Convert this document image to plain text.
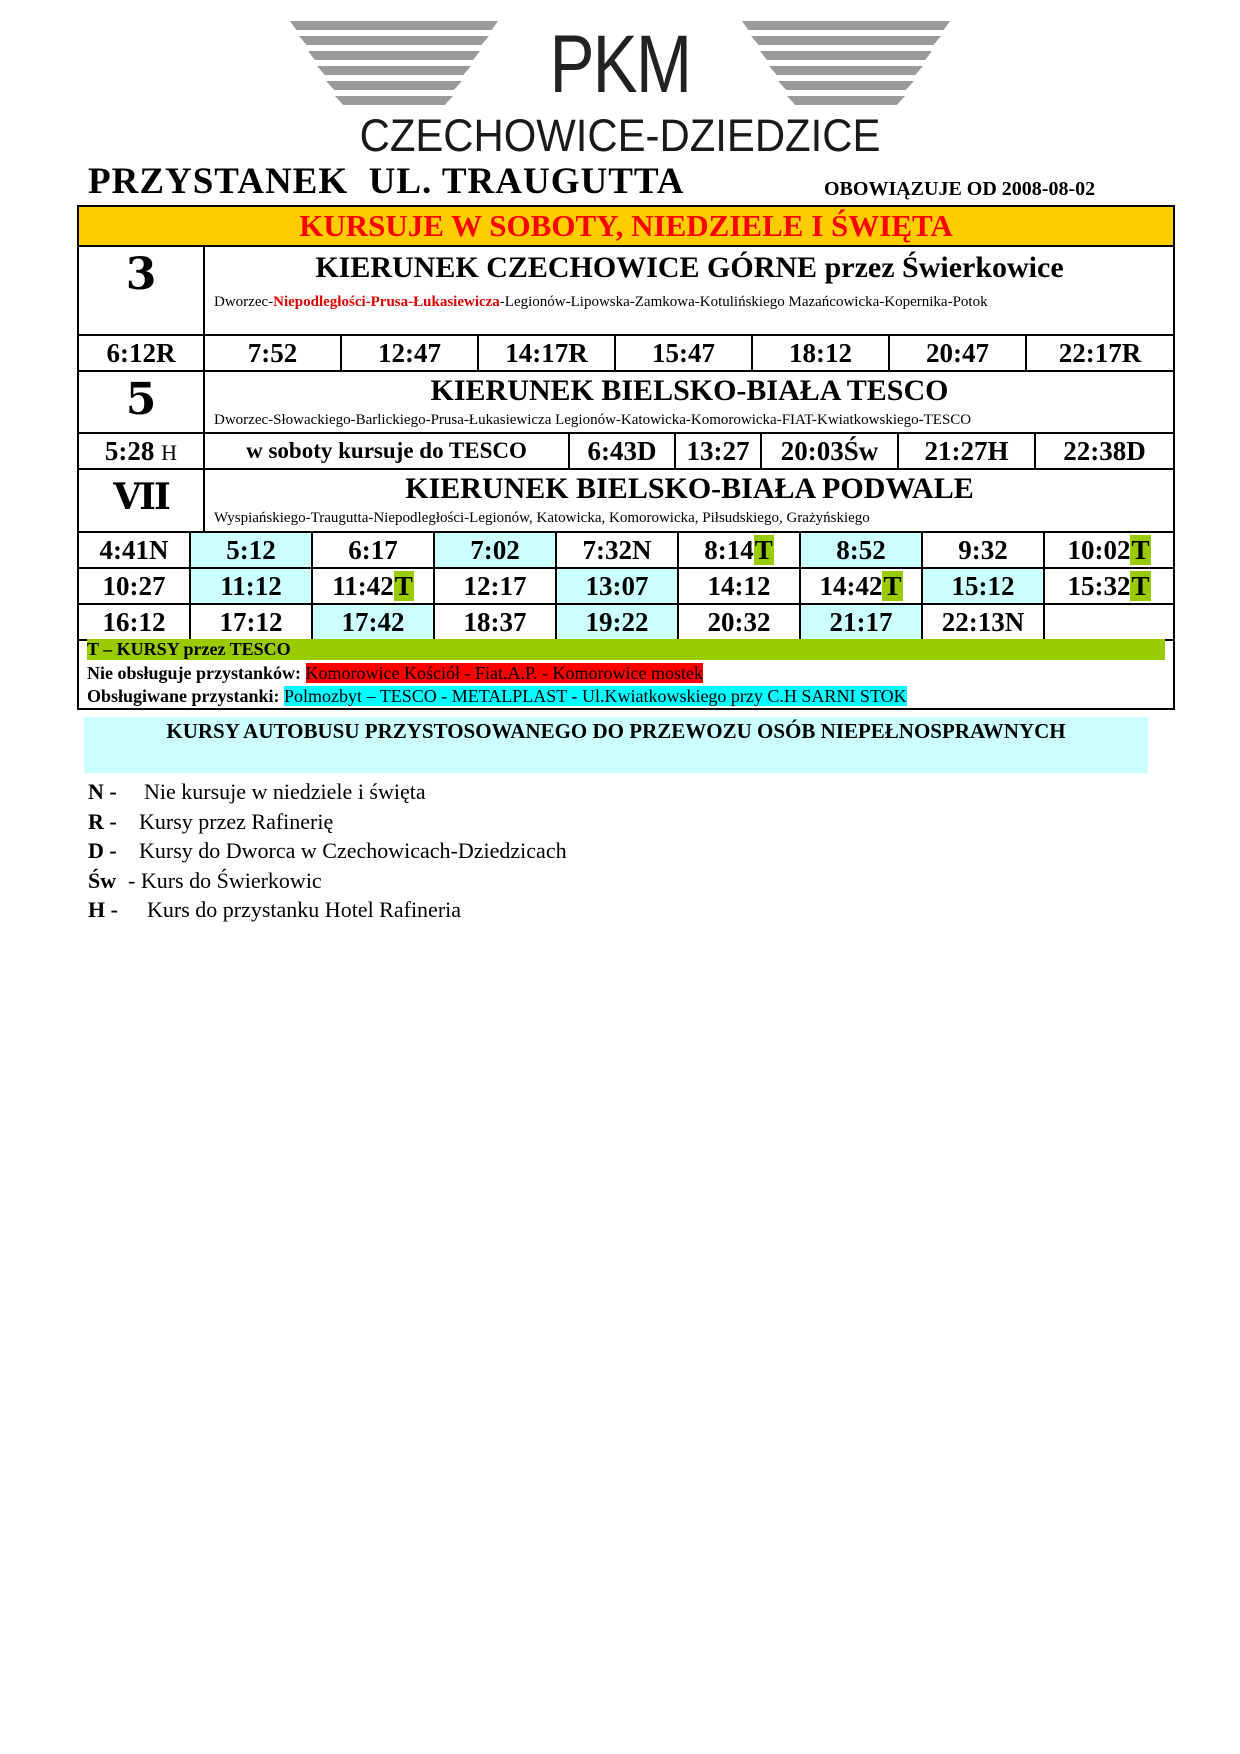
PKM
CZECHOWICE-DZIEDZICE
PRZYSTANEK  UL. TRAUGUTTA	OBOWIĄZUJE OD 2008-08-02
KURSUJE W SOBOTY, NIEDZIELE I ŚWIĘTA
3	KIERUNEK CZECHOWICE GÓRNE przez Świerkowice
Dworzec-Niepodległości-Prusa-Łukasiewicza-Legionów-Lipowska-Zamkowa-Kotulińskiego Mazańcowicka-Kopernika-Potok
6:12R	7:52	12:47	14:17R	15:47	18:12	20:47	22:17R
5	KIERUNEK BIELSKO-BIAŁA TESCO
Dworzec-Słowackiego-Barlickiego-Prusa-Łukasiewicza Legionów-Katowicka-Komorowicka-FIAT-Kwiatkowskiego-TESCO
5:28 H	w soboty kursuje do TESCO	6:43D	13:27	20:03Św	21:27H	22:38D
VII	KIERUNEK BIELSKO-BIAŁA PODWALE
Wyspiańskiego-Traugutta-Niepodległości-Legionów, Katowicka, Komorowicka, Piłsudskiego, Grażyńskiego
4:41N	5:12	6:17	7:02	7:32N	8:14T	8:52	9:32	10:02T
10:27	11:12	11:42T	12:17	13:07	14:12	14:42T	15:12	15:32T
16:12	17:12	17:42	18:37	19:22	20:32	21:17	22:13N
T – KURSY przez TESCO
Nie obsługuje przystanków: Komorowice Kościół - Fiat.A.P. - Komorowice mostek
Obsługiwane przystanki: Polmozbyt – TESCO - METALPLAST - Ul.Kwiatkowskiego przy C.H SARNI STOK
KURSY AUTOBUSU PRZYSTOSOWANEGO DO PRZEWOZU OSÓB NIEPEŁNOSPRAWNYCH
N - Nie kursuje w niedziele i święta
R - Kursy przez Rafinerię
D - Kursy do Dworca w Czechowicach-Dziedzicach
Św - Kurs do Świerkowic
H - Kurs do przystanku Hotel Rafineria
